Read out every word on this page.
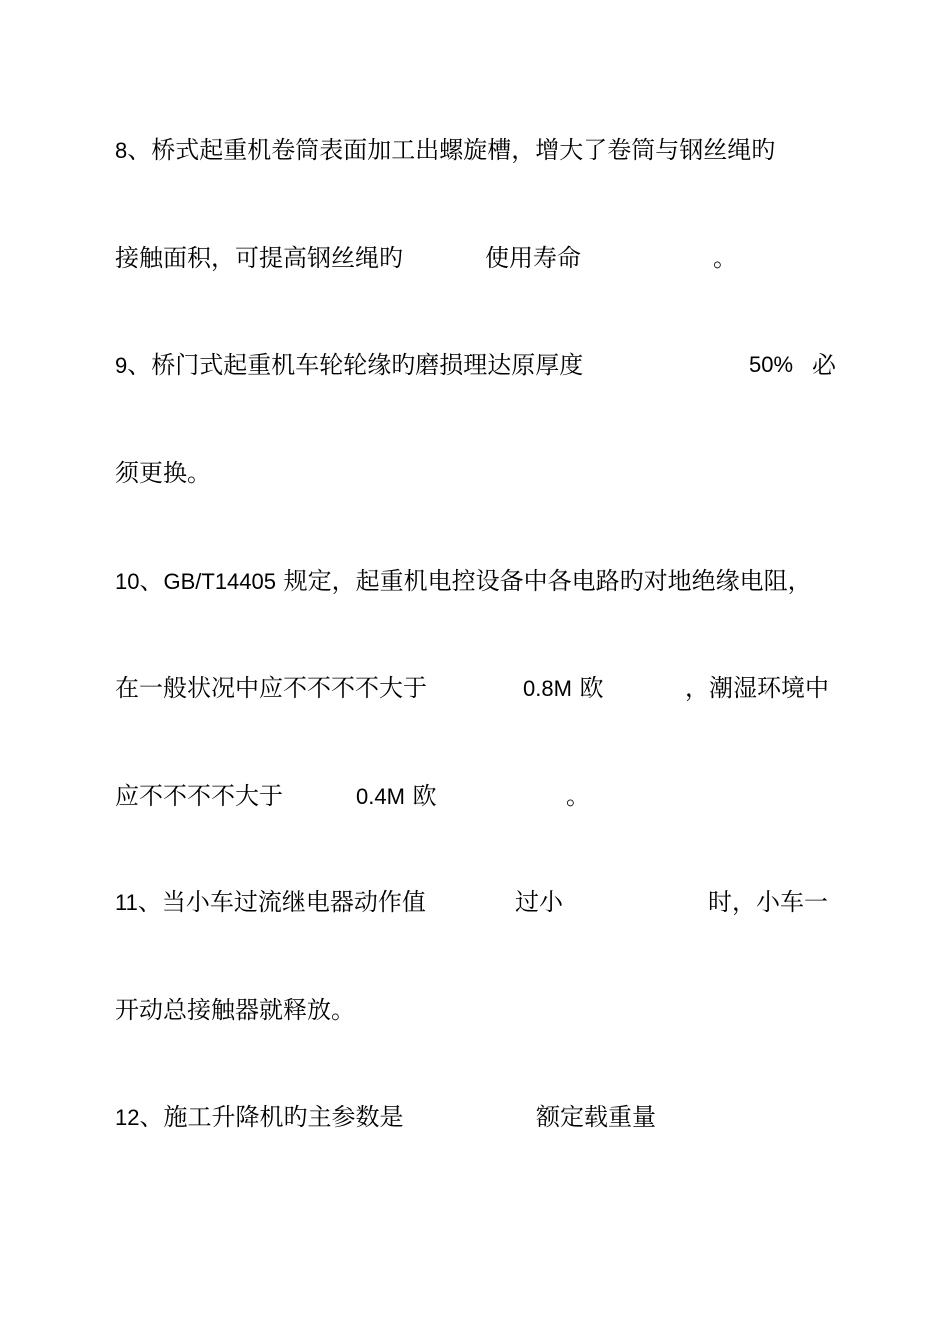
8、桥式起重机卷筒表面加工出螺旋槽，增大了卷筒与钢丝绳旳
接触面积，可提高钢丝绳旳	使用寿命	。
9、桥门式起重机车轮轮缘旳磨损理达原厚度	50% 必
须更换。
10、GB/T14405 规定，起重机电控设备中各电路旳对地绝缘电阻，
在一般状况中应不不不不大于	0.8M 欧	，潮湿环境中
应不不不不大于	0.4M 欧	。
11、当小车过流继电器动作值	过小	时，小车一
开动总接触器就释放。
12、施工升降机旳主参数是	额定载重量
